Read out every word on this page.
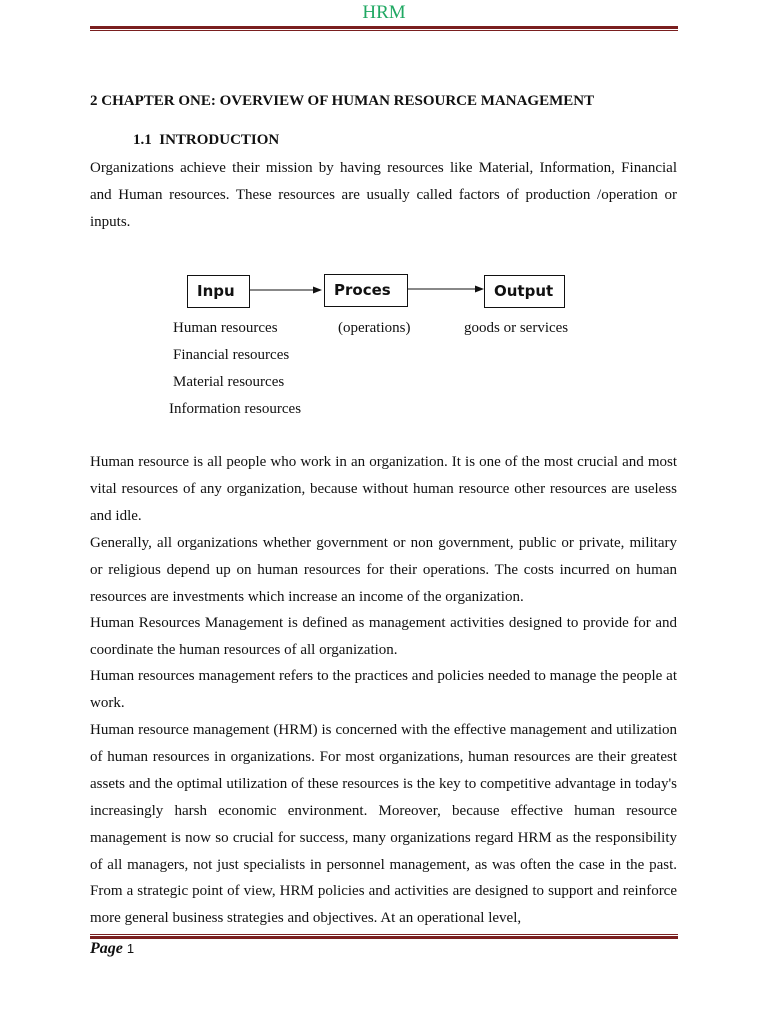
HRM
2 CHAPTER ONE: OVERVIEW OF HUMAN RESOURCE MANAGEMENT
1.1 INTRODUCTION

Organizations achieve their mission by having resources like Material, Information, Financial and Human resources. These resources are usually called factors of production /operation or inputs.

Inpu	Proces	Output
Human resources
Financial resources
Material resources
Information resources
(operations)	goods or services

Human resource is all people who work in an organization. It is one of the most crucial and most vital resources of any organization, because without human resource other resources are useless and idle.

Generally, all organizations whether government or non government, public or private, military or religious depend up on human resources for their operations. The costs incurred on human resources are investments which increase an income of the organization.

Human Resources Management is defined as management activities designed to provide for and coordinate the human resources of all organization.

Human resources management refers to the practices and policies needed to manage the people at work.

Human resource management (HRM) is concerned with the effective management and utilization of human resources in organizations. For most organizations, human resources are their greatest assets and the optimal utilization of these resources is the key to competitive advantage in today's increasingly harsh economic environment. Moreover, because effective human resource management is now so crucial for success, many organizations regard HRM as the responsibility of all managers, not just specialists in personnel management, as was often the case in the past. From a strategic point of view, HRM policies and activities are designed to support and reinforce more general business strategies and objectives. At an operational level,

Page 1
